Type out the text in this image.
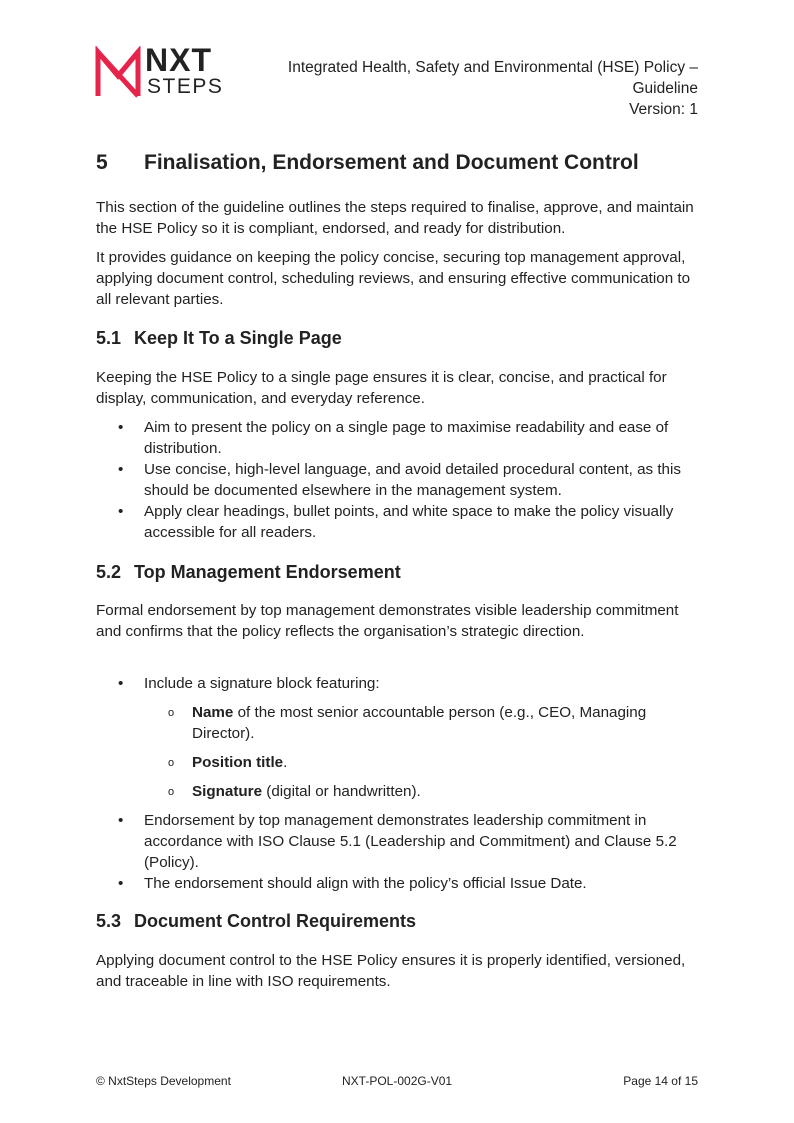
NXT
STEPS
Integrated Health, Safety and Environmental (HSE) Policy –
Guideline
Version: 1
5 Finalisation, Endorsement and Document Control

This section of the guideline outlines the steps required to finalise, approve, and maintain the HSE Policy so it is compliant, endorsed, and ready for distribution.

It provides guidance on keeping the policy concise, securing top management approval, applying document control, scheduling reviews, and ensuring effective communication to all relevant parties.

5.1 Keep It To a Single Page

Keeping the HSE Policy to a single page ensures it is clear, concise, and practical for display, communication, and everyday reference.

• Aim to present the policy on a single page to maximise readability and ease of distribution.
• Use concise, high-level language, and avoid detailed procedural content, as this should be documented elsewhere in the management system.
• Apply clear headings, bullet points, and white space to make the policy visually accessible for all readers.
5.2 Top Management Endorsement

Formal endorsement by top management demonstrates visible leadership commitment and confirms that the policy reflects the organisation’s strategic direction.

• Include a signature block featuring:
o Name of the most senior accountable person (e.g., CEO, Managing Director).
o Position title.
o Signature (digital or handwritten).
• Endorsement by top management demonstrates leadership commitment in accordance with ISO Clause 5.1 (Leadership and Commitment) and Clause 5.2 (Policy).
• The endorsement should align with the policy’s official Issue Date.
5.3 Document Control Requirements

Applying document control to the HSE Policy ensures it is properly identified, versioned, and traceable in line with ISO requirements.

© NxtSteps Development	NXT-POL-002G-V01	Page 14 of 15
